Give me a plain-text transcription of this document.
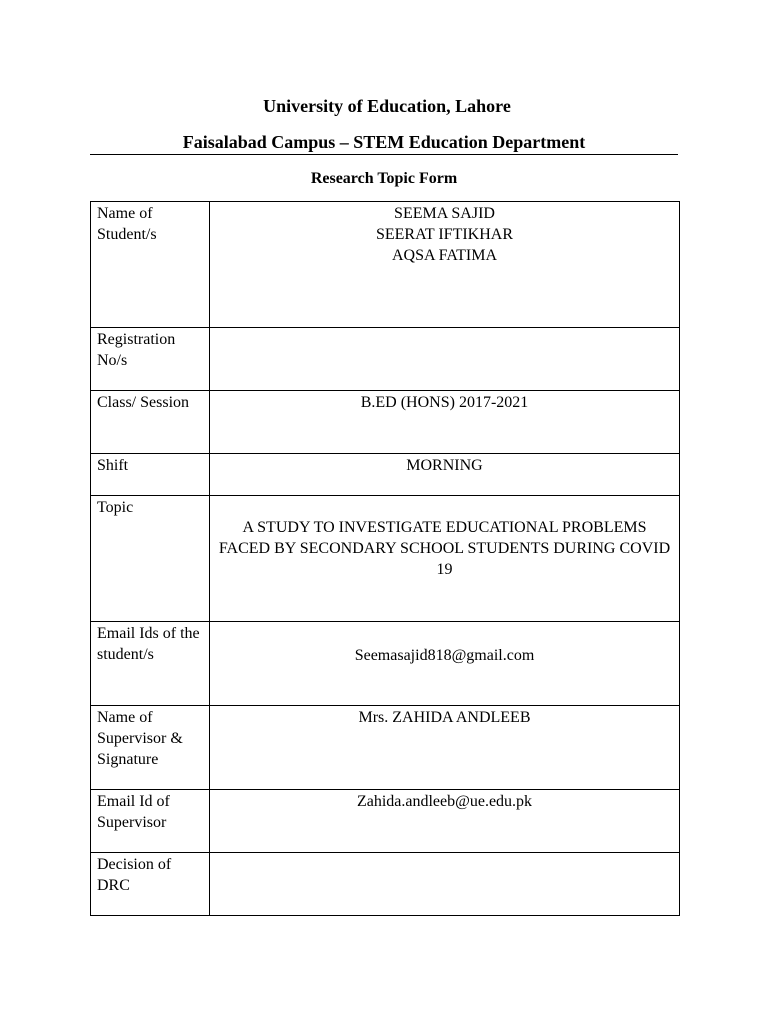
University of Education, Lahore
Faisalabad Campus – STEM Education Department
Research Topic Form
Name of Student/s	SEEMA SAJID
SEERAT IFTIKHAR
AQSA FATIMA

Registration No/s	
Class/ Session	B.ED (HONS) 2017-2021
Shift	MORNING
Topic	A STUDY TO INVESTIGATE EDUCATIONAL PROBLEMS FACED BY SECONDARY SCHOOL STUDENTS DURING COVID 19

Email Ids of the student/s	Seemasajid818@gmail.com

Name of Supervisor & Signature	Mrs. ZAHIDA ANDLEEB
Email Id of Supervisor	Zahida.andleeb@ue.edu.pk
Decision of DRC	
